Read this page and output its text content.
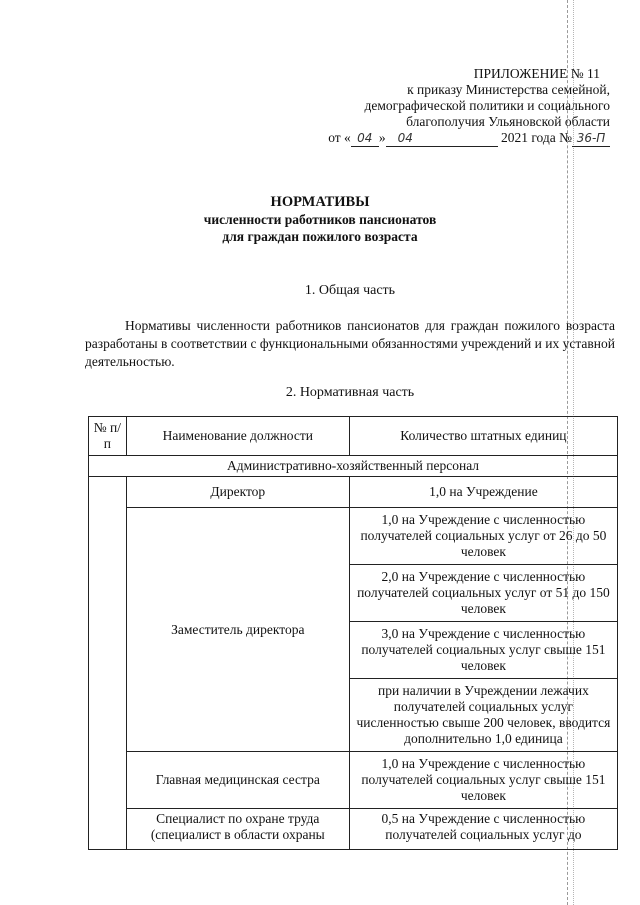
ПРИЛОЖЕНИЕ № 11
к приказу Министерства семейной,
демографической политики и социального
благополучия Ульяновской области
от « 04 » 04	2021 года № 36-П
НОРМАТИВЫ
численности работников пансионатов
для граждан пожилого возраста
1. Общая часть
Нормативы численности работников пансионатов для граждан пожилого возраста разработаны в соответствии с функциональными обязанностями учреждений и их уставной деятельностью.
2. Нормативная часть
№ п/п	Наименование должности	Количество штатных единиц
Административно-хозяйственный персонал		
	Директор	1,0 на Учреждение
	Заместитель директора	1,0 на Учреждение с численностью получателей социальных услуг от 26 до 50 человек
		2,0 на Учреждение с численностью получателей социальных услуг от 51 до 150 человек
		3,0 на Учреждение с численностью получателей социальных услуг свыше 151 человек
		при наличии в Учреждении лежачих получателей социальных услуг численностью свыше 200 человек, вводится дополнительно 1,0 единица
	Главная медицинская сестра	1,0 на Учреждение с численностью получателей социальных услуг свыше 151 человек
	Специалист по охране труда (специалист в области охраны	0,5 на Учреждение с численностью получателей социальных услуг до
